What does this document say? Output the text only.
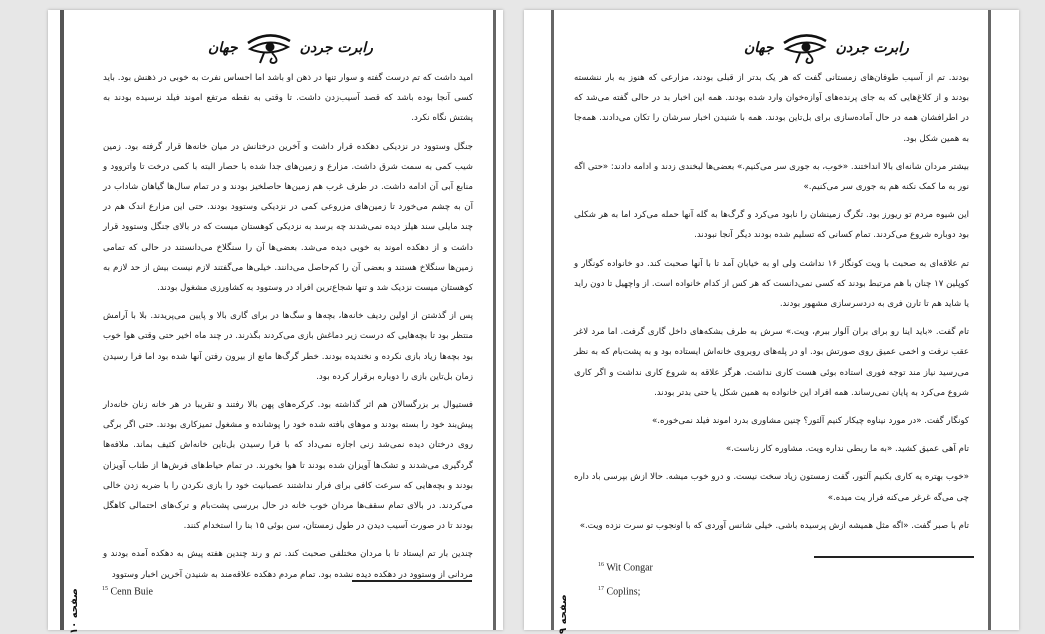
رابرت جردن
جهان

امید داشت که تم درست گفته و سوار تنها در ذهن او باشد اما احساس نفرت به خوبی در ذهنش بود. باید کسی آنجا بوده باشد که قصد آسیب‌زدن داشت. تا وقتی به نقطه مرتفع اموند فیلد نرسیده بودند به پشتش نگاه نکرد.

جنگل وستوود در نزدیکی دهکده قرار داشت و آخرین درختانش در میان خانه‌ها قرار گرفته بود. زمین شیب کمی به سمت شرق داشت. مزارع و زمین‌های جدا شده با حصار البته با کمی درخت تا واتروود و منابع آبی آن ادامه داشت. در طرف غرب هم زمین‌ها حاصلخیز بودند و در تمام سال‌ها گیاهان شاداب در آن به چشم می‌خورد تا زمین‌های مزروعی کمی در نزدیکی وستوود بودند. حتی این مزارع اندک هم در چند مایلی سند هیلز دیده نمی‌شدند چه برسد به نزدیکی کوهستان میست که در بالای جنگل وستوود قرار داشت و از دهکده اموند به خوبی دیده می‌شد. بعضی‌ها آن را سنگلاخ می‌دانستند در حالی که تمامی زمین‌ها سنگلاخ هستند و بعضی آن را کم‌حاصل می‌دانند. خیلی‌ها می‌گفتند لازم نیست بیش از حد لازم به کوهستان میست نزدیک شد و تنها شجاع‌ترین افراد در وستوود به کشاورزی مشغول بودند.

پس از گذشتن از اولین ردیف خانه‌ها، بچه‌ها و سگ‌ها در برای گاری بالا و پایین می‌پریدند. بلا با آرامش منتظر بود تا بچه‌هایی که درست زیر دماغش بازی می‌کردند بگذرند. در چند ماه اخیر حتی وقتی هوا خوب بود بچه‌ها زیاد بازی نکرده و نخندیده بودند. خطر گرگ‌ها مانع از بیرون رفتن آنها شده بود اما فرا رسیدن زمان بل‌تاین بازی را دوباره برقرار کرده بود.

فستیوال بر بزرگسالان هم اثر گذاشته بود. کرکره‌های پهن بالا رفتند و تقریبا در هر خانه زنان خانه‌دار پیش‌بند خود را بسته بودند و موهای بافته شده خود را پوشانده و مشغول تمیزکاری بودند. حتی اگر برگی روی درختان دیده نمی‌شد زنی اجازه نمی‌داد که با فرا رسیدن بل‌تاین خانه‌اش کثیف بماند. ملافه‌ها گردگیری می‌شدند و تشک‌ها آویزان شده بودند تا هوا بخورند. در تمام حیاط‌های فرش‌ها از طناب آویزان بودند و بچه‌هایی که سرعت کافی برای فرار نداشتند عصبانیت خود را بازی نکردن را با ضربه زدن خالی می‌کردند. در بالای تمام سقف‌ها مردان خوب خانه در حال بررسی پشت‌بام و ترک‌های احتمالی کاهگل بودند تا در صورت آسیب دیدن در طول زمستان، سن بوئی ۱۵ بنا را استخدام کنند.

چندین بار تم ایستاد تا با مردان مختلفی صحبت کند. تم و رند چندین هفته پیش به دهکده آمده بودند و مردانی از وستوود در دهکده دیده نشده بود. تمام مردم دهکده علاقه‌مند به شنیدن آخرین اخبار وستوود

$^{15}$ Cenn Buie
صفحه ۱۰
رابرت جردن
جهان

بودند. تم از آسیب طوفان‌های زمستانی گفت که هر یک بدتر از قبلی بودند، مزارعی که هنوز به بار ننشسته بودند و از کلاغ‌هایی که به جای پرنده‌های آوازه‌خوان وارد شده بودند. همه این اخبار بد در حالی گفته می‌شد که در اطرافشان همه در حال آماده‌سازی برای بل‌تاین بودند. همه با شنیدن اخبار سرشان را تکان می‌دادند. همه‌جا به همین شکل بود.

بیشتر مردان شانه‌ای بالا انداختند. «خوب، به جوری سر می‌کنیم.» بعضی‌ها لبخندی زدند و ادامه دادند: «حتی اگه نور به ما کمک نکنه هم به جوری سر می‌کنیم.»

این شیوه مردم تو ریورز بود. تگرگ زمینشان را نابود می‌کرد و گرگ‌ها به گله آنها حمله می‌کرد اما به هر شکلی بود دوباره شروع می‌کردند. تمام کسانی که تسلیم شده بودند دیگر آنجا نبودند.

تم علاقه‌ای به صحبت با ویت کونگار ۱۶ نداشت ولی او به خیابان آمد تا با آنها صحبت کند. دو خانواده کونگار و کوپلین ۱۷ چنان با هم مرتبط بودند که کسی نمی‌دانست که هر کس از کدام خانواده است. از واچهیل تا دون راید یا شاید هم تا تارن فری به دردسرسازی مشهور بودند.

تام گفت. «باید اینا رو برای بران آلوار ببرم، ویت.» سرش به طرف بشکه‌های داخل گاری گرفت. اما مرد لاغر عقب نرفت و اخمی عمیق روی صورتش بود. او در پله‌های روبروی خانه‌اش ایستاده بود و به پشت‌بام که به نظر می‌رسید نیاز مند توجه فوری استاده بوئی هست کاری نداشت. هرگز علاقه به شروع کاری نداشت و اگر کاری شروع می‌کرد به پایان نمی‌رساند. همه افراد این خانواده به همین شکل یا حتی بدتر بودند.

کونگار گفت. «در مورد نیناوه چیکار کنیم آلتور؟ چنین مشاوری بدرد اموند فیلد نمی‌خوره.»

تام آهی عمیق کشید. «به ما ربطی نداره ویت. مشاوره کار زناست.»

«خوب بهتره یه کاری بکنیم آلتور، گفت زمستون زیاد سخت نیست. و درو خوب میشه. حالا ازش بپرسی باد داره چی می‌گه غرغر می‌کنه فرار یت میده.»

تام با صبر گفت. «اگه مثل همیشه ازش پرسیده باشی. خیلی شانس آوردی که با اونجوب تو سرت نزده ویت.»

$^{16}$ Wit Congar
$^{17}$ Coplins;
صفحه ۹
